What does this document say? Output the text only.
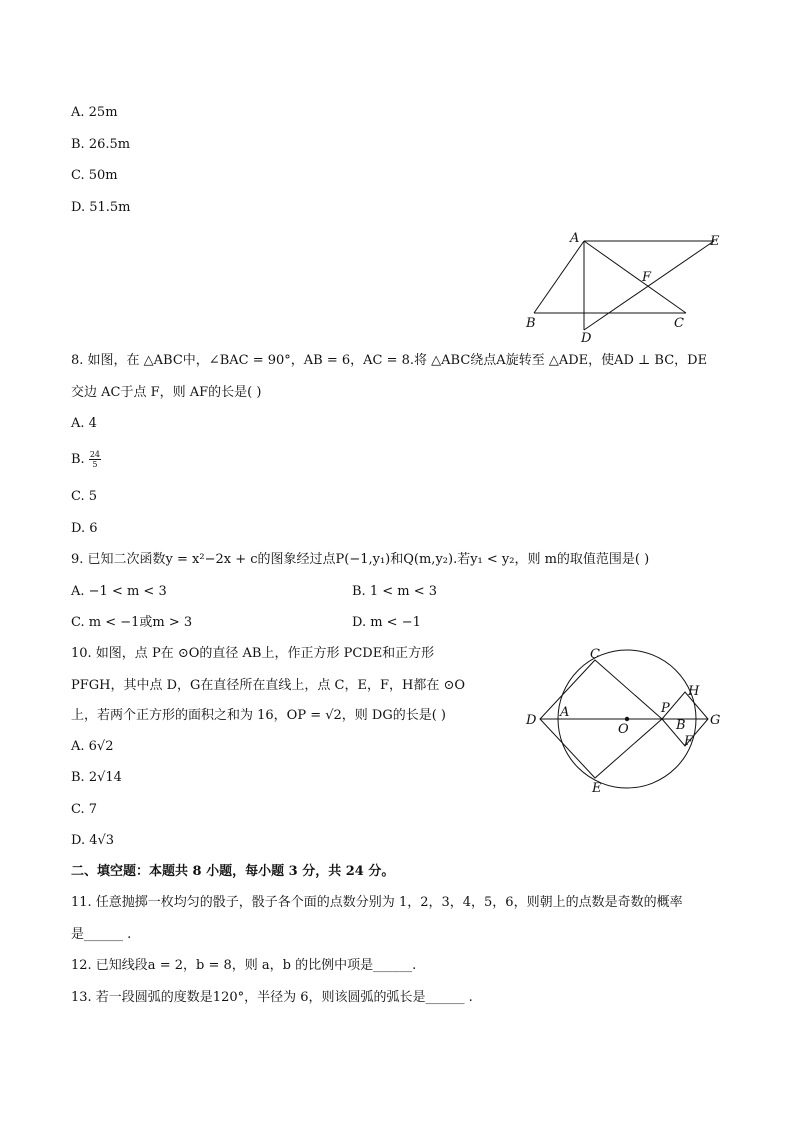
A. 25m
B. 26.5m
C. 50m
D. 51.5m
A	E
F
B	C
D
8. 如图，在 △ABC中，∠BAC = 90°，AB = 6，AC = 8.将 △ABC绕点A旋转至 △ADE，使AD ⊥ BC，DE
交边 AC于点 F，则 AF的长是( )
A. 4
B. $\frac{24}{5}$
C. 5
D. 6
9. 已知二次函数y = x²−2x + c的图象经过点P(−1,y₁)和Q(m,y₂).若y₁ < y₂，则 m的取值范围是( )
A. −1 < m < 3	B. 1 < m < 3
C. m < −1或m > 3	D. m < −1
10. 如图，点 P在 ⊙O的直径 AB上，作正方形 PCDE和正方形
PFGH，其中点 D，G在直径所在直线上，点 C，E，F，H都在 ⊙O
上，若两个正方形的面积之和为 16，OP = √2，则 DG的长是( )
A. 6√2
B. 2√14
C. 7
D. 4√3
C
H
D
A	P
B G
O
F
E
二、填空题：本题共 8 小题，每小题 3 分，共 24 分。
11. 任意抛掷一枚均匀的骰子，骰子各个面的点数分别为 1，2，3，4，5，6，则朝上的点数是奇数的概率
是______ .
12. 已知线段a = 2，b = 8，则 a，b 的比例中项是______.
13. 若一段圆弧的度数是120°，半径为 6，则该圆弧的弧长是______ .
